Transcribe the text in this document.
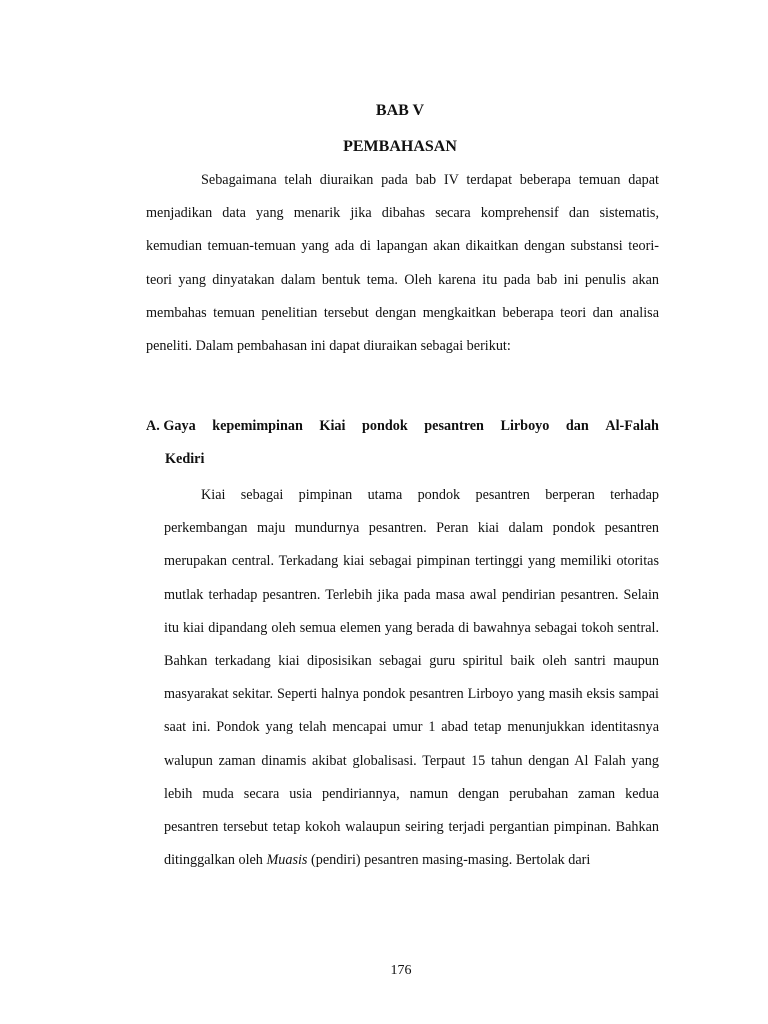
BAB V
PEMBAHASAN

Sebagaimana telah diuraikan pada bab IV terdapat beberapa temuan dapat menjadikan data yang menarik jika dibahas secara komprehensif dan sistematis, kemudian temuan-temuan yang ada di lapangan akan dikaitkan dengan substansi teori-teori yang dinyatakan dalam bentuk tema. Oleh karena itu pada bab ini penulis akan membahas temuan penelitian tersebut dengan mengkaitkan beberapa teori dan analisa peneliti. Dalam pembahasan ini dapat diuraikan sebagai berikut:

A. Gaya kepemimpinan Kiai pondok pesantren Lirboyo dan Al-Falah
Kediri

Kiai sebagai pimpinan utama pondok pesantren berperan terhadap perkembangan maju mundurnya pesantren. Peran kiai dalam pondok pesantren merupakan central. Terkadang kiai sebagai pimpinan tertinggi yang memiliki otoritas mutlak terhadap pesantren. Terlebih jika pada masa awal pendirian pesantren. Selain itu kiai dipandang oleh semua elemen yang berada di bawahnya sebagai tokoh sentral. Bahkan terkadang kiai diposisikan sebagai guru spiritul baik oleh santri maupun masyarakat sekitar. Seperti halnya pondok pesantren Lirboyo yang masih eksis sampai saat ini. Pondok yang telah mencapai umur 1 abad tetap menunjukkan identitasnya walupun zaman dinamis akibat globalisasi. Terpaut 15 tahun dengan Al Falah yang lebih muda secara usia pendiriannya, namun dengan perubahan zaman kedua pesantren tersebut tetap kokoh walaupun seiring terjadi pergantian pimpinan. Bahkan ditinggalkan oleh Muasis (pendiri) pesantren masing-masing. Bertolak dari

176
